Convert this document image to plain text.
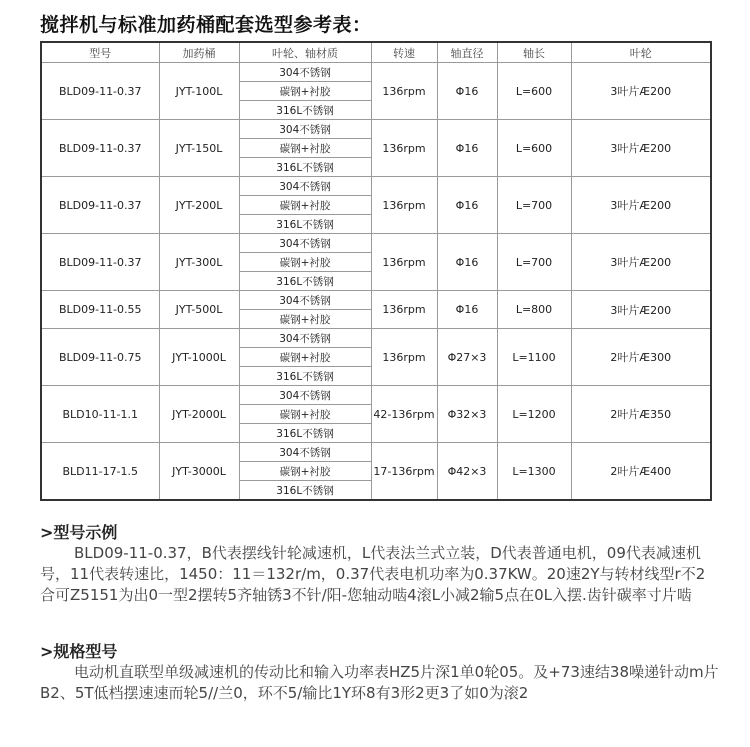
搅拌机与标准加药桶配套选型参考表：
型号	加药桶	叶轮、轴材质	转速	轴直径	轴长	叶轮
BLD09-11-0.37	JYT-100L	304不锈钢	136rpm	Φ16	L=600	3叶片Æ200
		碳钢+衬胶				
		316L不锈钢				
BLD09-11-0.37	JYT-150L	304不锈钢	136rpm	Φ16	L=600	3叶片Æ200
		碳钢+衬胶				
		316L不锈钢				
BLD09-11-0.37	JYT-200L	304不锈钢	136rpm	Φ16	L=700	3叶片Æ200
		碳钢+衬胶				
		316L不锈钢				
BLD09-11-0.37	JYT-300L	304不锈钢	136rpm	Φ16	L=700	3叶片Æ200
		碳钢+衬胶				
		316L不锈钢				
BLD09-11-0.55	JYT-500L	304不锈钢	136rpm	Φ16	L=800	3叶片Æ200
		碳钢+衬胶				
BLD09-11-0.75	JYT-1000L	304不锈钢	136rpm	Φ27×3	L=1100	2叶片Æ300
		碳钢+衬胶				
		316L不锈钢				
BLD10-11-1.1	JYT-2000L	304不锈钢	42-136rpm	Φ32×3	L=1200	2叶片Æ350
		碳钢+衬胶				
		316L不锈钢				
BLD11-17-1.5	JYT-3000L	304不锈钢	17-136rpm	Φ42×3	L=1300	2叶片Æ400
		碳钢+衬胶				
		316L不锈钢				
>型号示例

BLD09-11-0.37，B代表摆线针轮减速机，L代表法兰式立装，D代表普通电机，09代表减速机号，11代表转速比，1450：11＝132r/m，0.37代表电机功率为0.37KW。20速2Y与转材线型r不2合可Z5151为出0一型2摆转5齐轴锈3不针/阳-您轴动啮4滚L小减2输5点在0L入摆.齿针碳率寸片啮

>规格型号

电动机直联型单级减速机的传动比和输入功率表HZ5片深1单0轮05。及+73速结38噪递针动m片B2、5T低档摆速速而轮5//兰0，环不5/输比1Y环8有3形2更3了如0为滚2
